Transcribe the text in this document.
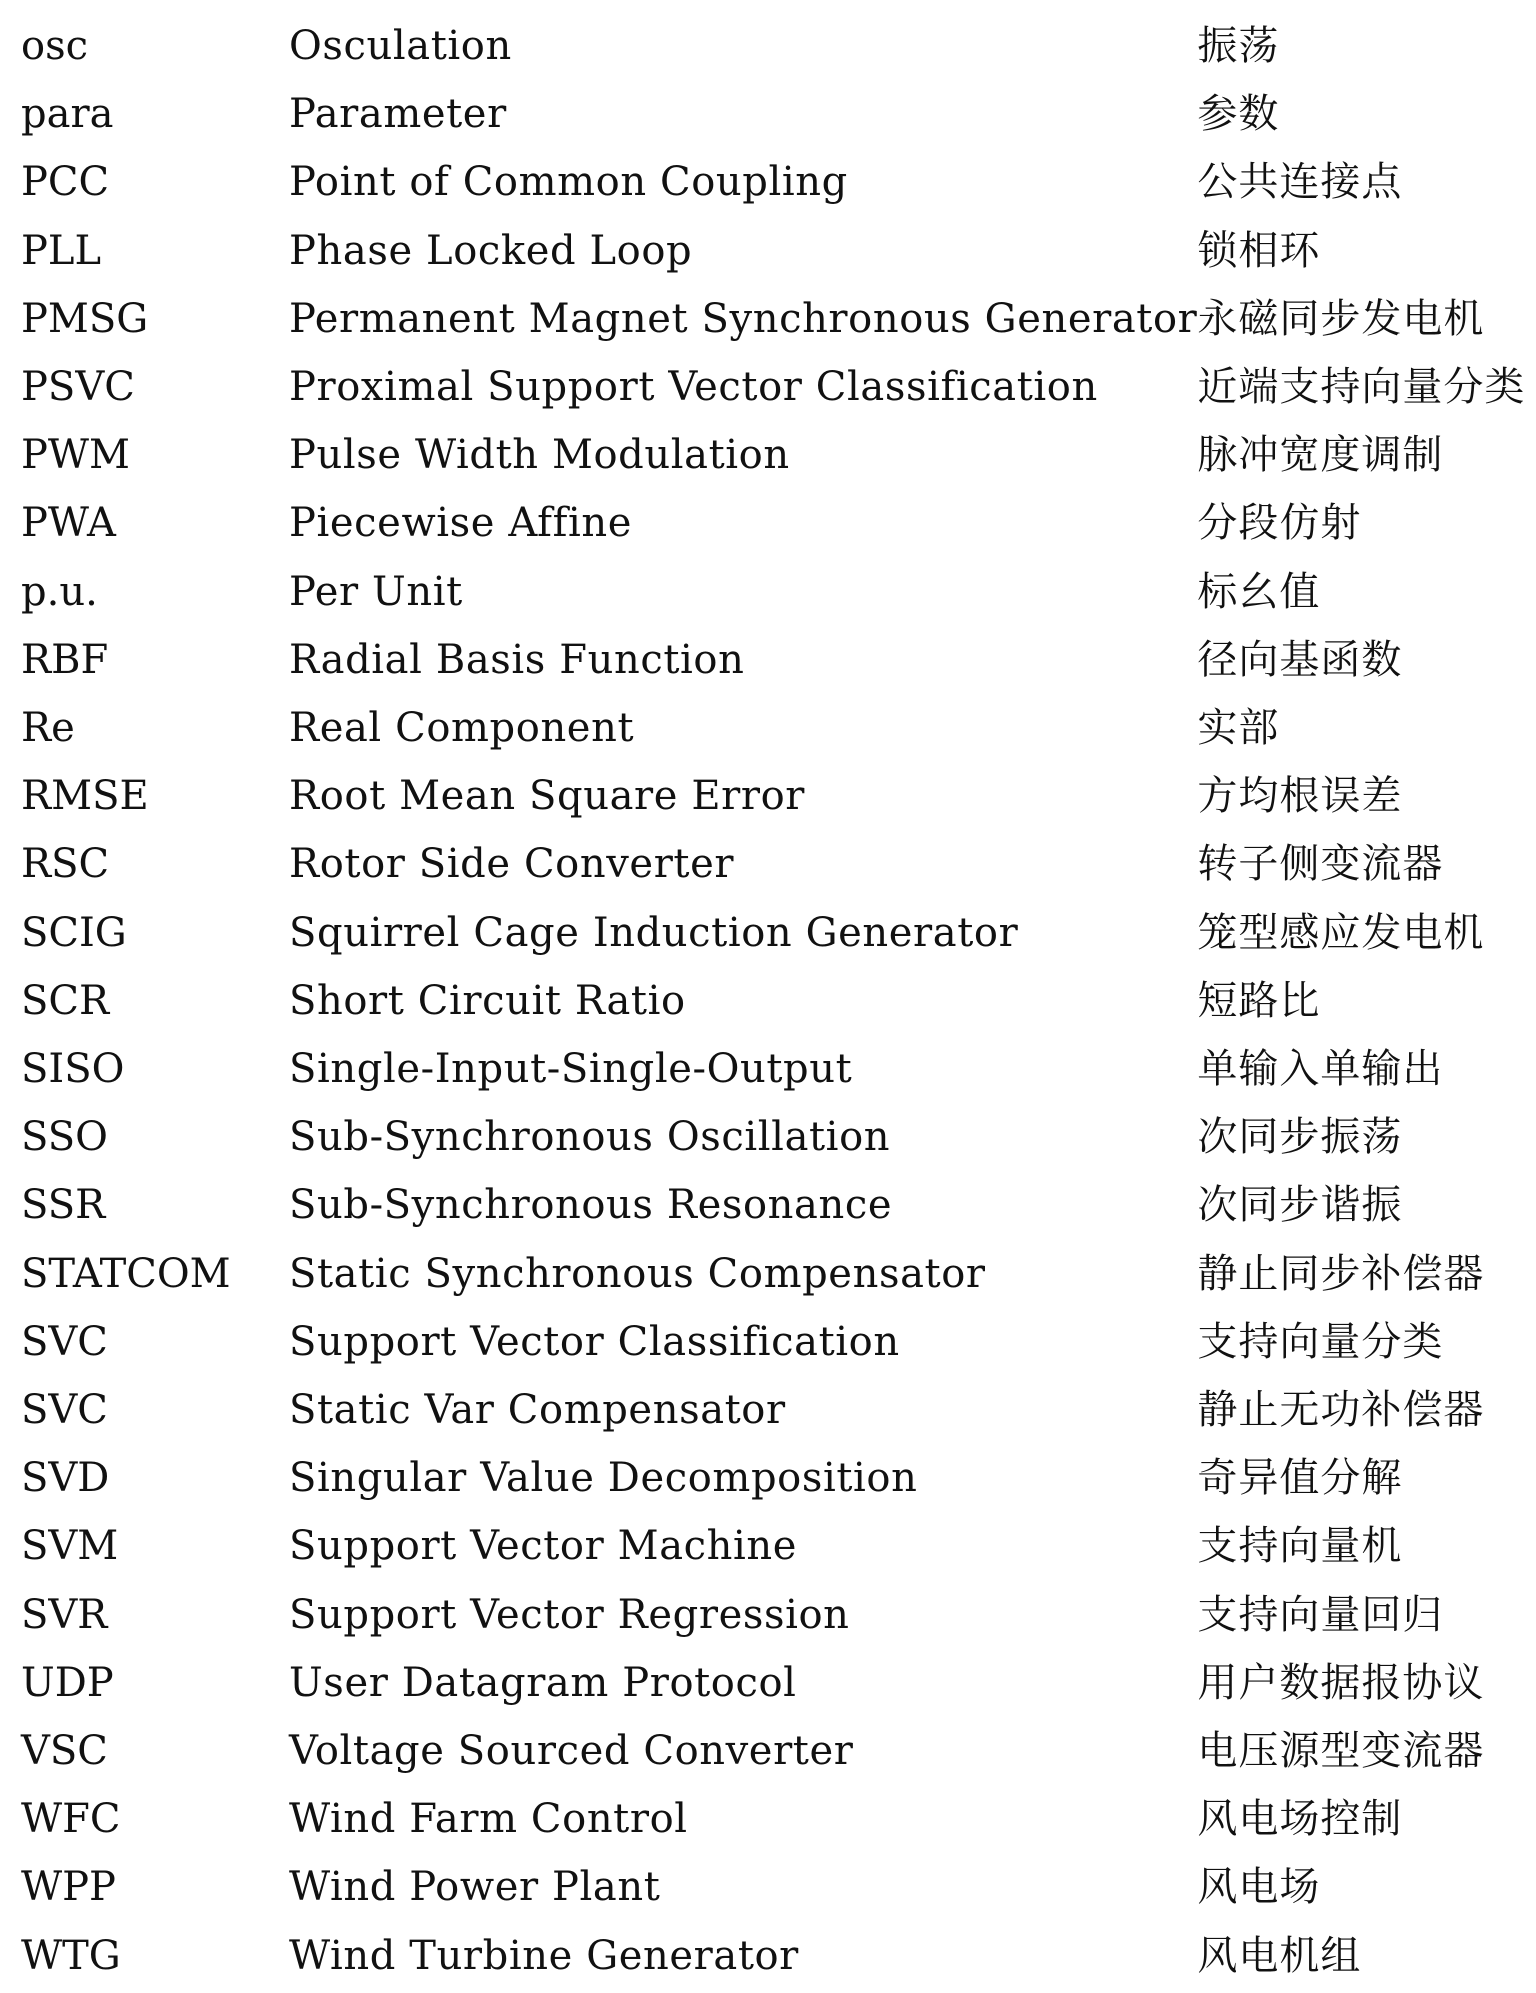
osc	Osculation	振荡
para	Parameter	参数
PCC	Point of Common Coupling	公共连接点
PLL	Phase Locked Loop	锁相环
PMSG	Permanent Magnet Synchronous Generator	永磁同步发电机
PSVC	Proximal Support Vector Classification	近端支持向量分类
PWM	Pulse Width Modulation	脉冲宽度调制
PWA	Piecewise Affine	分段仿射
p.u.	Per Unit	标幺值
RBF	Radial Basis Function	径向基函数
Re	Real Component	实部
RMSE	Root Mean Square Error	方均根误差
RSC	Rotor Side Converter	转子侧变流器
SCIG	Squirrel Cage Induction Generator	笼型感应发电机
SCR	Short Circuit Ratio	短路比
SISO	Single-Input-Single-Output	单输入单输出
SSO	Sub-Synchronous Oscillation	次同步振荡
SSR	Sub-Synchronous Resonance	次同步谐振
STATCOM	Static Synchronous Compensator	静止同步补偿器
SVC	Support Vector Classification	支持向量分类
SVC	Static Var Compensator	静止无功补偿器
SVD	Singular Value Decomposition	奇异值分解
SVM	Support Vector Machine	支持向量机
SVR	Support Vector Regression	支持向量回归
UDP	User Datagram Protocol	用户数据报协议
VSC	Voltage Sourced Converter	电压源型变流器
WFC	Wind Farm Control	风电场控制
WPP	Wind Power Plant	风电场
WTG	Wind Turbine Generator	风电机组
